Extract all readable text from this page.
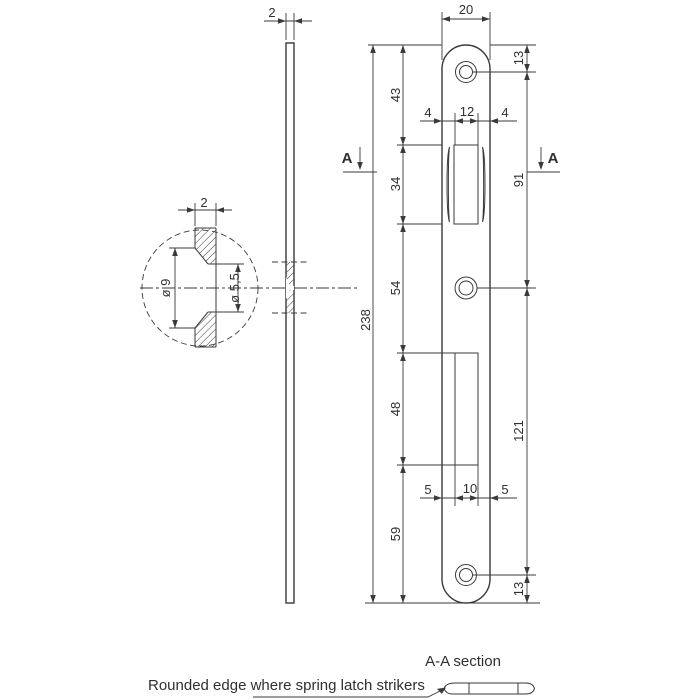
2
2
ø 9	ø 5,5
20
4 12 4
5 10 5
43
34
54
48
59
238
13
91
121
13
A	A
A-A section
Rounded edge where spring latch strikers
